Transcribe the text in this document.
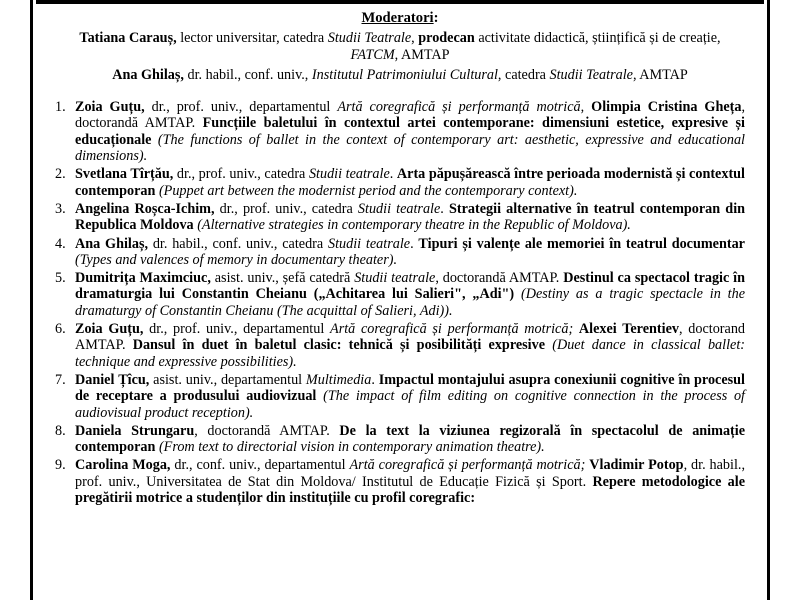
Moderatori:

Tatiana Carauș, lector universitar, catedra Studii Teatrale, prodecan activitate didactică, științifică și de creație, FATCM, AMTAP

Ana Ghilaș, dr. habil., conf. univ., Institutul Patrimoniului Cultural, catedra Studii Teatrale, AMTAP

1. Zoia Guțu, dr., prof. univ., departamentul Artă coregrafică și performanță motrică, Olimpia Cristina Gheța, doctorandă AMTAP. Funcțiile baletului în contextul artei contemporane: dimensiuni estetice, expresive și educaționale (The functions of ballet in the context of contemporary art: aesthetic, expressive and educational dimensions).
2. Svetlana Tîrțău, dr., prof. univ., catedra Studii teatrale. Arta păpușărească între perioada modernistă și contextul contemporan (Puppet art between the modernist period and the contemporary context).
3. Angelina Roșca-Ichim, dr., prof. univ., catedra Studii teatrale. Strategii alternative în teatrul contemporan din Republica Moldova (Alternative strategies in contemporary theatre in the Republic of Moldova).
4. Ana Ghilaș, dr. habil., conf. univ., catedra Studii teatrale. Tipuri și valențe ale memoriei în teatrul documentar (Types and valences of memory in documentary theater).
5. Dumitrița Maximciuc, asist. univ., șefă catedră Studii teatrale, doctorandă AMTAP. Destinul ca spectacol tragic în dramaturgia lui Constantin Cheianu („Achitarea lui Salieri", „Adi") (Destiny as a tragic spectacle in the dramaturgy of Constantin Cheianu (The acquittal of Salieri, Adi)).
6. Zoia Guțu, dr., prof. univ., departamentul Artă coregrafică și performanță motrică; Alexei Terentiev, doctorand AMTAP. Dansul în duet în baletul clasic: tehnică și posibilități expresive (Duet dance in classical ballet: technique and expressive possibilities).
7. Daniel Țîcu, asist. univ., departamentul Multimedia. Impactul montajului asupra conexiunii cognitive în procesul de receptare a produsului audiovizual (The impact of film editing on cognitive connection in the process of audiovisual product reception).
8. Daniela Strungaru, doctorandă AMTAP. De la text la viziunea regizorală în spectacolul de animație contemporan (From text to directorial vision in contemporary animation theatre).
9. Carolina Moga, dr., conf. univ., departamentul Artă coregrafică și performanță motrică; Vladimir Potop, dr. habil., prof. univ., Universitatea de Stat din Moldova/ Institutul de Educație Fizică și Sport. Repere metodologice ale pregătirii motrice a studenților din instituțiile cu profil coregrafic:
